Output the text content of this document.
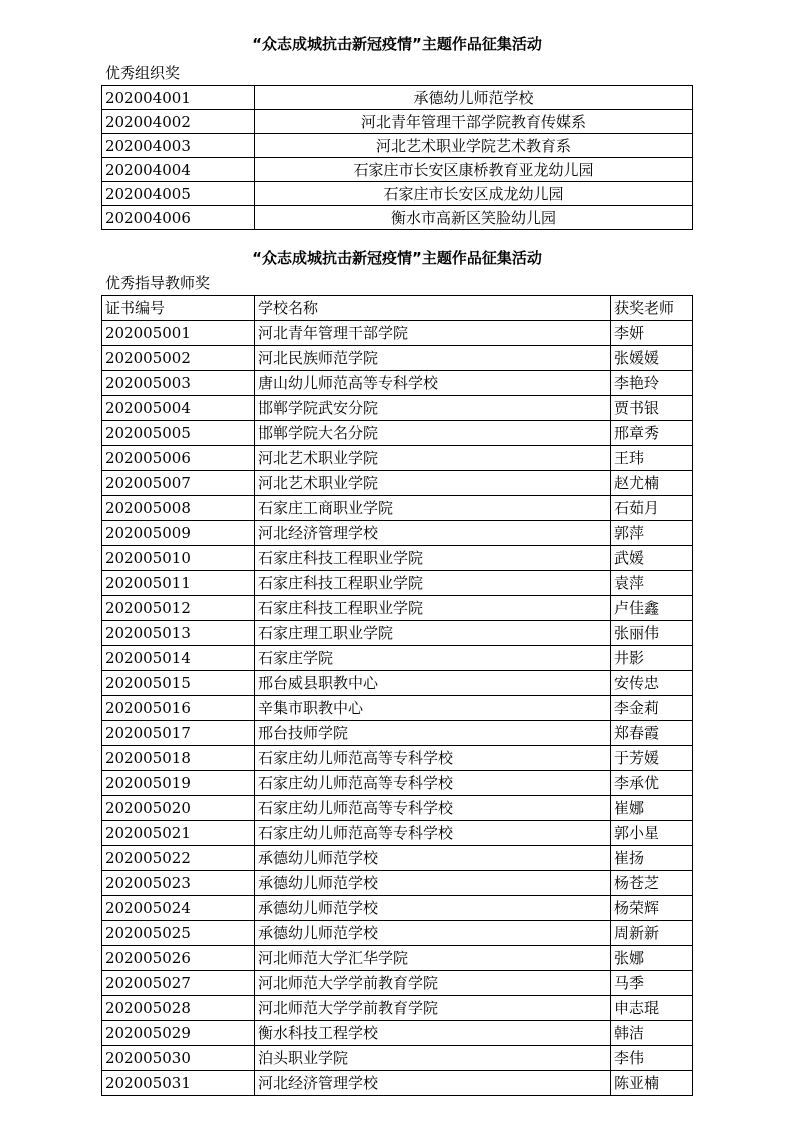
“众志成城抗击新冠疫情”主题作品征集活动
优秀组织奖
202004001	承德幼儿师范学校
202004002	河北青年管理干部学院教育传媒系
202004003	河北艺术职业学院艺术教育系
202004004	石家庄市长安区康桥教育亚龙幼儿园
202004005	石家庄市长安区成龙幼儿园
202004006	衡水市高新区笑脸幼儿园
“众志成城抗击新冠疫情”主题作品征集活动
优秀指导教师奖
证书编号	学校名称	获奖老师
202005001	河北青年管理干部学院	李妍
202005002	河北民族师范学院	张媛媛
202005003	唐山幼儿师范高等专科学校	李艳玲
202005004	邯郸学院武安分院	贾书银
202005005	邯郸学院大名分院	邢章秀
202005006	河北艺术职业学院	王玮
202005007	河北艺术职业学院	赵尤楠
202005008	石家庄工商职业学院	石茹月
202005009	河北经济管理学校	郭萍
202005010	石家庄科技工程职业学院	武媛
202005011	石家庄科技工程职业学院	袁萍
202005012	石家庄科技工程职业学院	卢佳鑫
202005013	石家庄理工职业学院	张丽伟
202005014	石家庄学院	井影
202005015	邢台威县职教中心	安传忠
202005016	辛集市职教中心	李金莉
202005017	邢台技师学院	郑春霞
202005018	石家庄幼儿师范高等专科学校	于芳媛
202005019	石家庄幼儿师范高等专科学校	李承优
202005020	石家庄幼儿师范高等专科学校	崔娜
202005021	石家庄幼儿师范高等专科学校	郭小星
202005022	承德幼儿师范学校	崔扬
202005023	承德幼儿师范学校	杨苍芝
202005024	承德幼儿师范学校	杨荣辉
202005025	承德幼儿师范学校	周新新
202005026	河北师范大学汇华学院	张娜
202005027	河北师范大学学前教育学院	马季
202005028	河北师范大学学前教育学院	申志琨
202005029	衡水科技工程学校	韩洁
202005030	泊头职业学院	李伟
202005031	河北经济管理学校	陈亚楠
